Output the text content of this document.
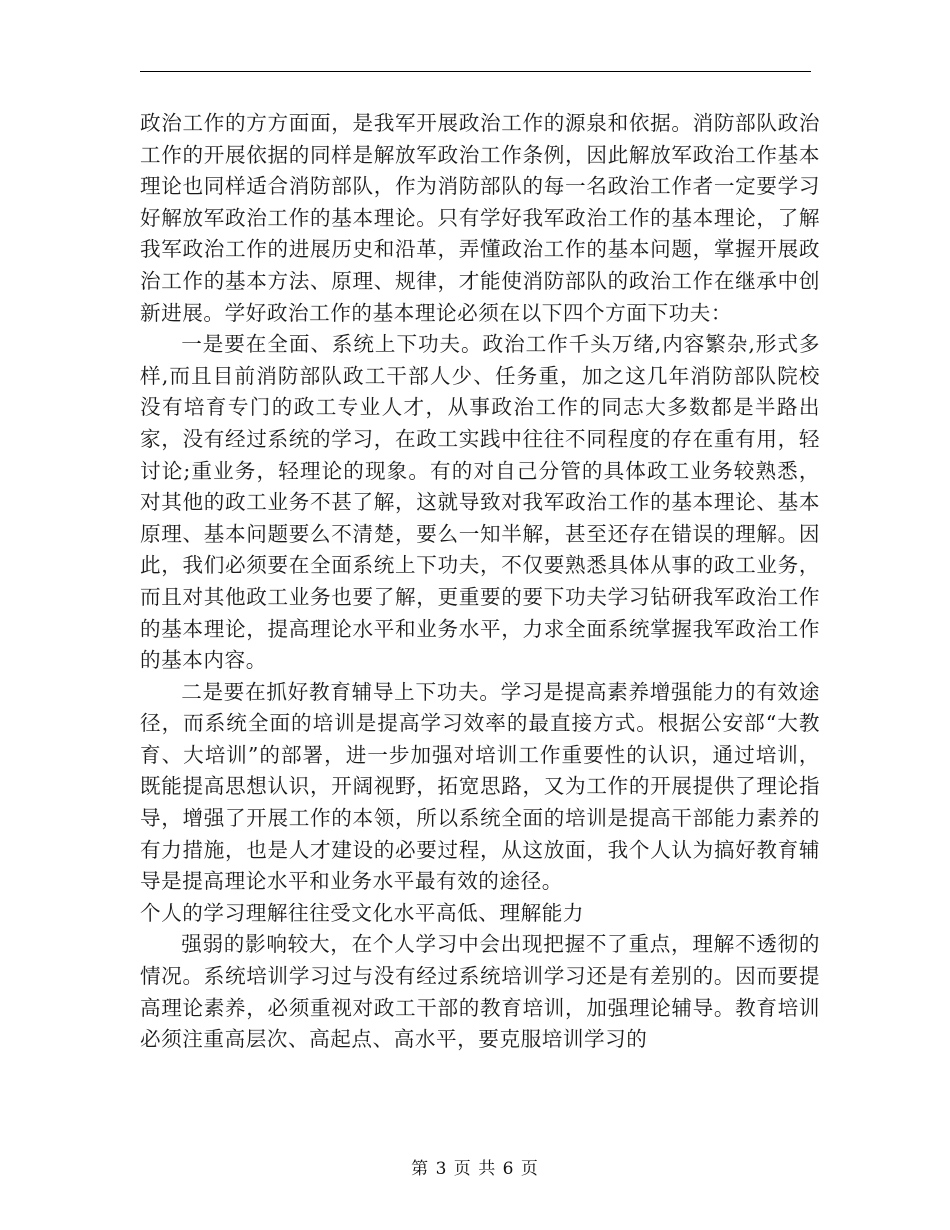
政治工作的方方面面，是我军开展政治工作的源泉和依据。消防部队政治工作的开展依据的同样是解放军政治工作条例，因此解放军政治工作基本理论也同样适合消防部队，作为消防部队的每一名政治工作者一定要学习好解放军政治工作的基本理论。只有学好我军政治工作的基本理论，了解我军政治工作的进展历史和沿革，弄懂政治工作的基本问题，掌握开展政治工作的基本方法、原理、规律，才能使消防部队的政治工作在继承中创新进展。学好政治工作的基本理论必须在以下四个方面下功夫：

一是要在全面、系统上下功夫。政治工作千头万绪,内容繁杂,形式多样,而且目前消防部队政工干部人少、任务重，加之这几年消防部队院校没有培育专门的政工专业人才，从事政治工作的同志大多数都是半路出家，没有经过系统的学习，在政工实践中往往不同程度的存在重有用，轻讨论;重业务，轻理论的现象。有的对自己分管的具体政工业务较熟悉，对其他的政工业务不甚了解，这就导致对我军政治工作的基本理论、基本原理、基本问题要么不清楚，要么一知半解，甚至还存在错误的理解。因此，我们必须要在全面系统上下功夫，不仅要熟悉具体从事的政工业务，而且对其他政工业务也要了解，更重要的要下功夫学习钻研我军政治工作的基本理论，提高理论水平和业务水平，力求全面系统掌握我军政治工作的基本内容。

二是要在抓好教育辅导上下功夫。学习是提高素养增强能力的有效途径，而系统全面的培训是提高学习效率的最直接方式。根据公安部“大教育、大培训”的部署，进一步加强对培训工作重要性的认识，通过培训，既能提高思想认识，开阔视野，拓宽思路，又为工作的开展提供了理论指导，增强了开展工作的本领，所以系统全面的培训是提高干部能力素养的有力措施，也是人才建设的必要过程，从这放面，我个人认为搞好教育辅导是提高理论水平和业务水平最有效的途径。

个人的学习理解往往受文化水平高低、理解能力

强弱的影响较大，在个人学习中会出现把握不了重点，理解不透彻的情况。系统培训学习过与没有经过系统培训学习还是有差别的。因而要提高理论素养，必须重视对政工干部的教育培训，加强理论辅导。教育培训必须注重高层次、高起点、高水平，要克服培训学习的

第 3 页 共 6 页
